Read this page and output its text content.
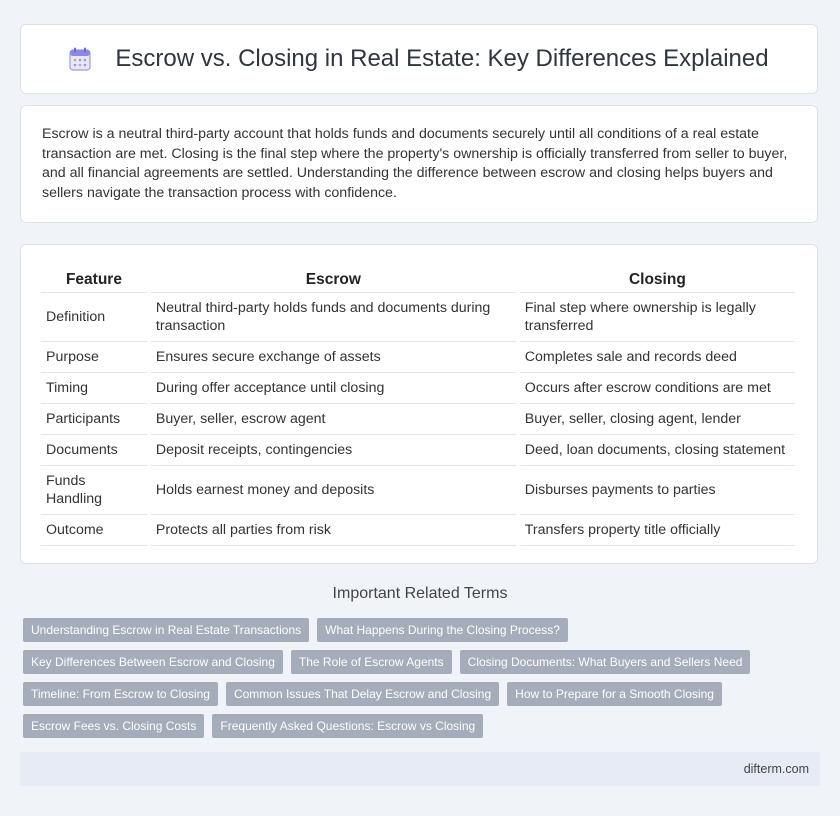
Escrow vs. Closing in Real Estate: Key Differences Explained

Escrow is a neutral third-party account that holds funds and documents securely until all conditions of a real estate transaction are met. Closing is the final step where the property's ownership is officially transferred from seller to buyer, and all financial agreements are settled. Understanding the difference between escrow and closing helps buyers and sellers navigate the transaction process with confidence.

Feature	Escrow	Closing
Definition	Neutral third-party holds funds and documents during transaction	Final step where ownership is legally transferred
Purpose	Ensures secure exchange of assets	Completes sale and records deed
Timing	During offer acceptance until closing	Occurs after escrow conditions are met
Participants	Buyer, seller, escrow agent	Buyer, seller, closing agent, lender
Documents	Deposit receipts, contingencies	Deed, loan documents, closing statement
Funds Handling	Holds earnest money and deposits	Disburses payments to parties
Outcome	Protects all parties from risk	Transfers property title officially
Important Related Terms
Understanding Escrow in Real Estate Transactions	What Happens During the Closing Process?
Key Differences Between Escrow and Closing	The Role of Escrow Agents	Closing Documents: What Buyers and Sellers Need
Timeline: From Escrow to Closing	Common Issues That Delay Escrow and Closing	How to Prepare for a Smooth Closing
Escrow Fees vs. Closing Costs	Frequently Asked Questions: Escrow vs Closing
difterm.com
